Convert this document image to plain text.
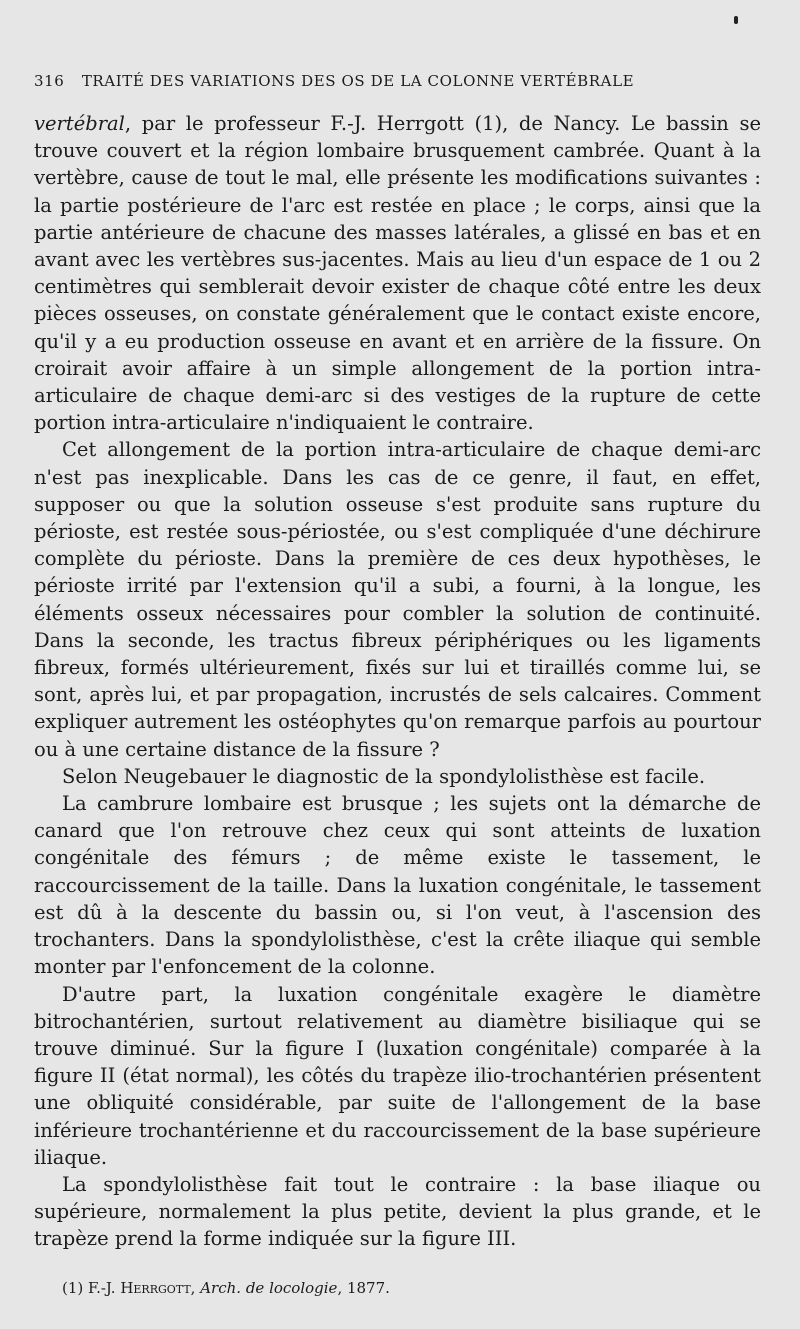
316 TRAITÉ DES VARIATIONS DES OS DE LA COLONNE VERTÉBRALE

vertébral, par le professeur F.-J. Herrgott (1), de Nancy. Le bassin se trouve couvert et la région lombaire brusquement cambrée. Quant à la vertèbre, cause de tout le mal, elle présente les modifications suivantes : la partie postérieure de l'arc est restée en place ; le corps, ainsi que la partie antérieure de chacune des masses latérales, a glissé en bas et en avant avec les vertèbres sus-jacentes. Mais au lieu d'un espace de 1 ou 2 centimètres qui semblerait devoir exister de chaque côté entre les deux pièces osseuses, on constate généralement que le contact existe encore, qu'il y a eu production osseuse en avant et en arrière de la fissure. On croirait avoir affaire à un simple allongement de la portion intra-articulaire de chaque demi-arc si des vestiges de la rupture de cette portion intra-articulaire n'indiquaient le contraire.

Cet allongement de la portion intra-articulaire de chaque demi-arc n'est pas inexplicable. Dans les cas de ce genre, il faut, en effet, supposer ou que la solution osseuse s'est produite sans rupture du périoste, est restée sous-périostée, ou s'est compliquée d'une déchirure complète du périoste. Dans la première de ces deux hypothèses, le périoste irrité par l'extension qu'il a subi, a fourni, à la longue, les éléments osseux nécessaires pour combler la solution de continuité. Dans la seconde, les tractus fibreux périphériques ou les ligaments fibreux, formés ultérieurement, fixés sur lui et tiraillés comme lui, se sont, après lui, et par propagation, incrustés de sels calcaires. Comment expliquer autrement les ostéophytes qu'on remarque parfois au pourtour ou à une certaine distance de la fissure ?

Selon Neugebauer le diagnostic de la spondylolisthèse est facile.

La cambrure lombaire est brusque ; les sujets ont la démarche de canard que l'on retrouve chez ceux qui sont atteints de luxation congénitale des fémurs ; de même existe le tassement, le raccourcissement de la taille. Dans la luxation congénitale, le tassement est dû à la descente du bassin ou, si l'on veut, à l'ascension des trochanters. Dans la spondylolisthèse, c'est la crête iliaque qui semble monter par l'enfoncement de la colonne.

D'autre part, la luxation congénitale exagère le diamètre bitrochantérien, surtout relativement au diamètre bisiliaque qui se trouve diminué. Sur la figure I (luxation congénitale) comparée à la figure II (état normal), les côtés du trapèze ilio-trochantérien présentent une obliquité considérable, par suite de l'allongement de la base inférieure trochantérienne et du raccourcissement de la base supérieure iliaque.

La spondylolisthèse fait tout le contraire : la base iliaque ou supérieure, normalement la plus petite, devient la plus grande, et le trapèze prend la forme indiquée sur la figure III.

(1) F.-J. Herrgott, Arch. de locologie, 1877.
